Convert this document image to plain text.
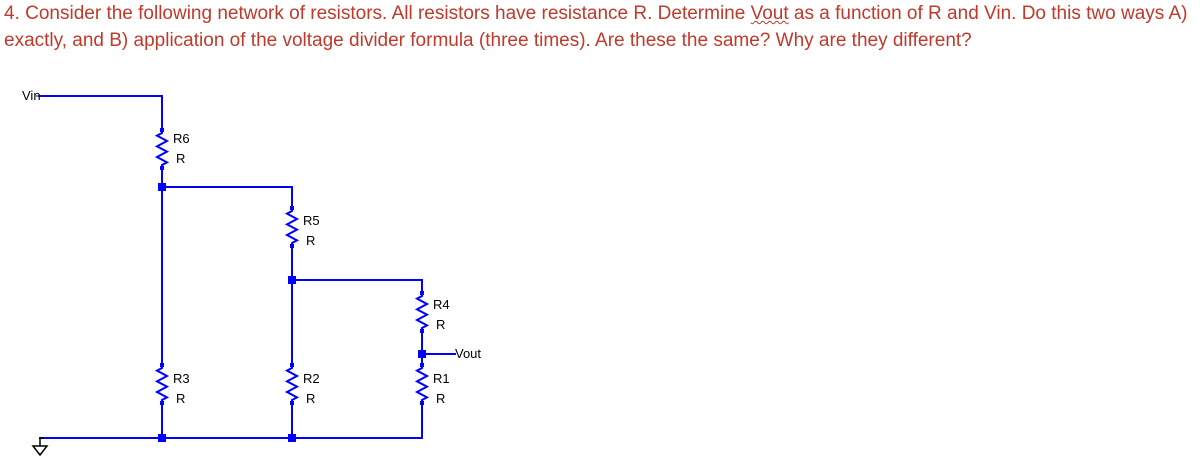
4. Consider the following network of resistors. All resistors have resistance R. Determine Vout as a function of R and Vin. Do this two ways A) exactly, and B) application of the voltage divider formula (three times). Are these the same? Why are they different?

R6
R
R5
R
R4
R
R3
R
R2
R
R1
R
Vin
Vout
